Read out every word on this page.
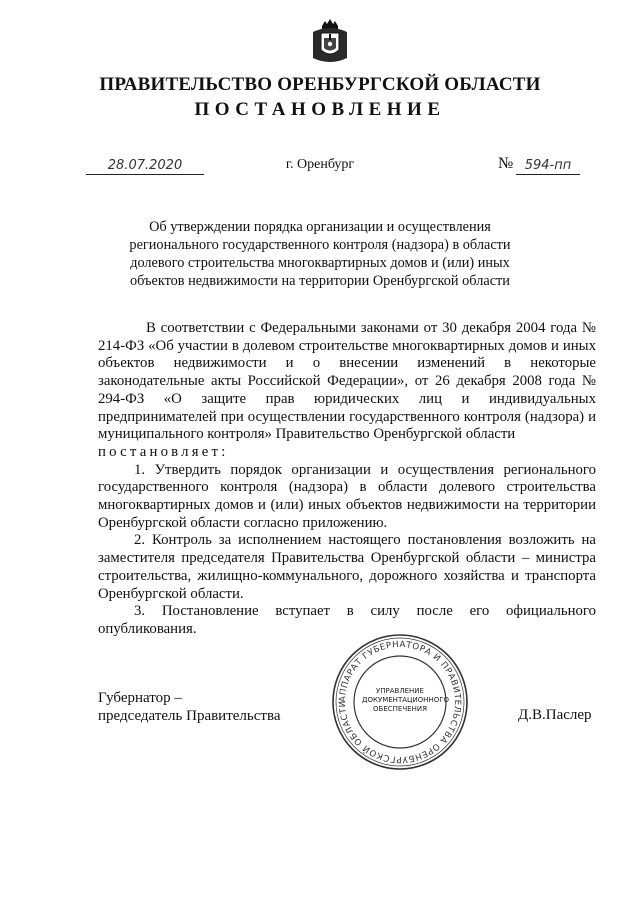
ПРАВИТЕЛЬСТВО ОРЕНБУРГСКОЙ ОБЛАСТИ
ПОСТАНОВЛЕНИЕ
28.07.2020	г. Оренбург	№ 594-пп
Об утверждении порядка организации и осуществления
регионального государственного контроля (надзора) в области
долевого строительства многоквартирных домов и (или) иных
объектов недвижимости на территории Оренбургской области

В соответствии с Федеральными законами от 30 декабря 2004 года № 214-ФЗ «Об участии в долевом строительстве многоквартирных домов и иных объектов недвижимости и о внесении изменений в некоторые законодательные акты Российской Федерации», от 26 декабря 2008 года № 294-ФЗ «О защите прав юридических лиц и индивидуальных предпринимателей при осуществлении государственного контроля (надзора) и муниципального контроля» Правительство Оренбургской области

постановляет:

1. Утвердить порядок организации и осуществления регионального государственного контроля (надзора) в области долевого строительства многоквартирных домов и (или) иных объектов недвижимости на территории Оренбургской области согласно приложению.

2. Контроль за исполнением настоящего постановления возложить на заместителя председателя Правительства Оренбургской области – министра строительства, жилищно-коммунального, дорожного хозяйства и транспорта Оренбургской области.

3. Постановление вступает в силу после его официального опубликования.

Губернатор –
председатель Правительства	Д.В.Паслер
АППАРАТ ГУБЕРНАТОРА И ПРАВИТЕЛЬСТВА ОРЕНБУРГСКОЙ ОБЛАСТИ
УПРАВЛЕНИЕ
ДОКУМЕНТАЦИОННОГО
ОБЕСПЕЧЕНИЯ
